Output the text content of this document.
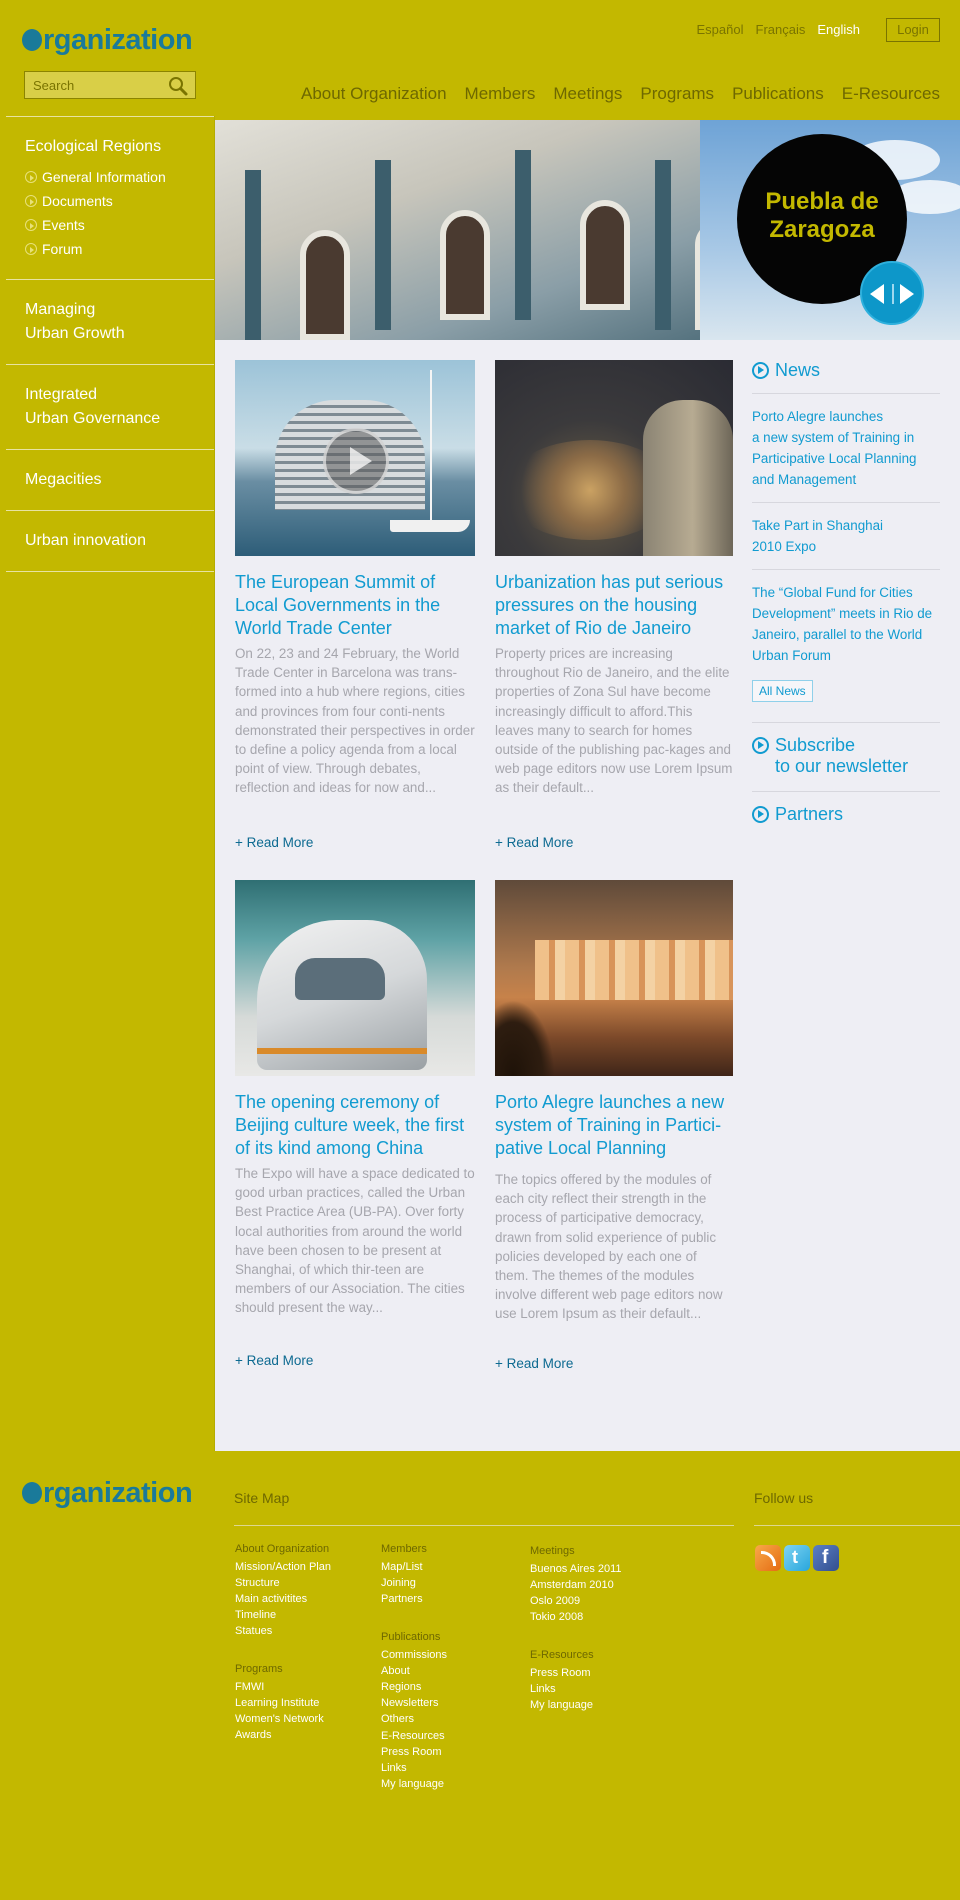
rganization
Search	Español Français English	Login
About Organization Members Meetings Programs Publications E-Resources
Ecological Regions
General Information
Documents
Events
Forum
Managing
Urban Growth
Integrated
Urban Governance
Megacities
Urban innovation
Puebla de
Zaragoza
The European Summit of Local Governments in the World Trade Center

On 22, 23 and 24 February, the World Trade Center in Barcelona was trans-formed into a hub where regions, cities and provinces from four conti-nents demonstrated their perspectives in order to define a policy agenda from a local point of view. Through debates, reflection and ideas for now and...

+ Read More
Urbanization has put serious pressures on the housing market of Rio de Janeiro

Property prices are increasing throughout Rio de Janeiro, and the elite properties of Zona Sul have become increasingly difficult to afford.This leaves many to search for homes outside of the publishing pac-kages and web page editors now use Lorem Ipsum as their default...

+ Read More
The opening ceremony of Beijing culture week, the first of its kind among China

The Expo will have a space dedicated to good urban practices, called the Urban Best Practice Area (UB-PA). Over forty local authorities from around the world have been chosen to be present at Shanghai, of which thir-teen are members of our Association. The cities should present the way...

+ Read More
Porto Alegre launches a new system of Training in Partici-pative Local Planning

The topics offered by the modules of each city reflect their strength in the process of participative democracy, drawn from solid experience of public policies developed by each one of them. The themes of the modules involve different web page editors now use Lorem Ipsum as their default...

+ Read More
News
Porto Alegre launches
a new system of Training in Participative Local Planning and Management
Take Part in Shanghai
2010 Expo
The “Global Fund for Cities Development” meets in Rio de Janeiro, parallel to the World Urban Forum
All News
Subscribe
to our newsletter
Partners
rganization	Site Map	Follow us
About Organization
Mission/Action Plan
Structure
Main activitites
Timeline
Statues
Programs
FMWI
Learning Institute
Women's Network
Awards
Members
Map/List
Joining
Partners
Publications
Commissions
About
Regions
Newsletters
Others
E-Resources
Press Room
Links
My language
Meetings
Buenos Aires 2011
Amsterdam 2010
Oslo 2009
Tokio 2008
E-Resources
Press Room
Links
My language
t
f
